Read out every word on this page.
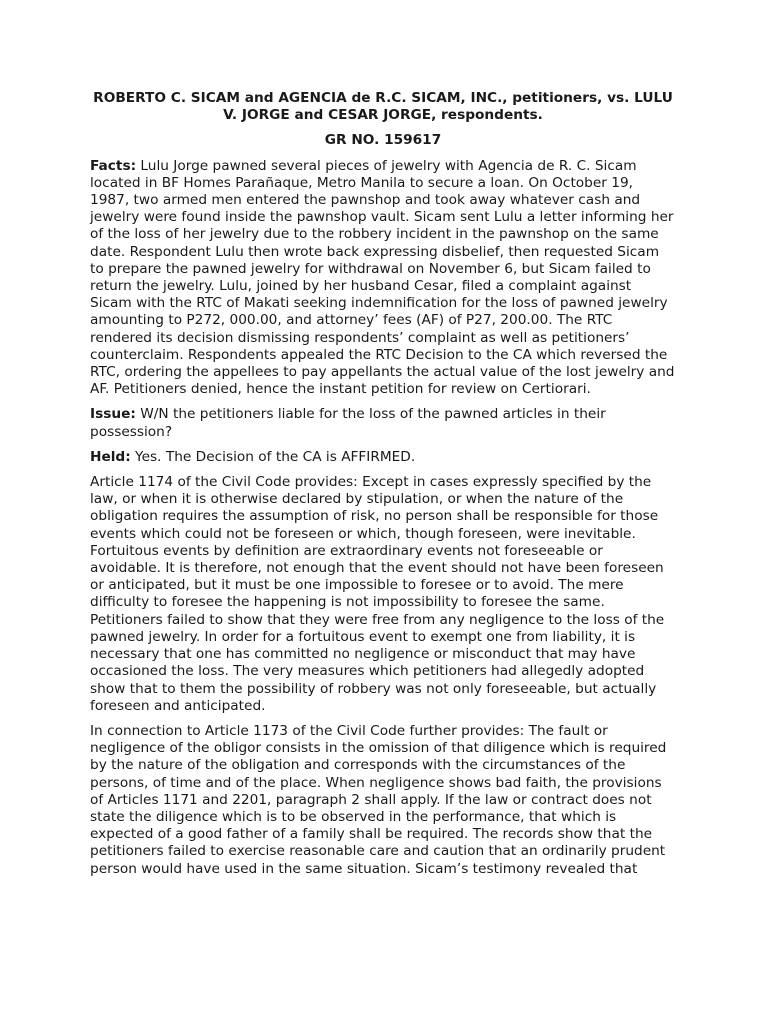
ROBERTO C. SICAM and AGENCIA de R.C. SICAM, INC., petitioners, vs. LULU V. JORGE and CESAR JORGE, respondents.

GR NO. 159617

Facts: Lulu Jorge pawned several pieces of jewelry with Agencia de R. C. Sicam located in BF Homes Parañaque, Metro Manila to secure a loan. On October 19, 1987, two armed men entered the pawnshop and took away whatever cash and jewelry were found inside the pawnshop vault. Sicam sent Lulu a letter informing her of the loss of her jewelry due to the robbery incident in the pawnshop on the same date. Respondent Lulu then wrote back expressing disbelief, then requested Sicam to prepare the pawned jewelry for withdrawal on November 6, but Sicam failed to return the jewelry. Lulu, joined by her husband Cesar, filed a complaint against Sicam with the RTC of Makati seeking indemnification for the loss of pawned jewelry amounting to P272, 000.00, and attorney’ fees (AF) of P27, 200.00. The RTC rendered its decision dismissing respondents’ complaint as well as petitioners’ counterclaim. Respondents appealed the RTC Decision to the CA which reversed the RTC, ordering the appellees to pay appellants the actual value of the lost jewelry and AF. Petitioners denied, hence the instant petition for review on Certiorari.

Issue: W/N the petitioners liable for the loss of the pawned articles in their possession?

Held: Yes. The Decision of the CA is AFFIRMED.

Article 1174 of the Civil Code provides: Except in cases expressly specified by the law, or when it is otherwise declared by stipulation, or when the nature of the obligation requires the assumption of risk, no person shall be responsible for those events which could not be foreseen or which, though foreseen, were inevitable. Fortuitous events by definition are extraordinary events not foreseeable or avoidable. It is therefore, not enough that the event should not have been foreseen or anticipated, but it must be one impossible to foresee or to avoid. The mere difficulty to foresee the happening is not impossibility to foresee the same. Petitioners failed to show that they were free from any negligence to the loss of the pawned jewelry. In order for a fortuitous event to exempt one from liability, it is necessary that one has committed no negligence or misconduct that may have occasioned the loss. The very measures which petitioners had allegedly adopted show that to them the possibility of robbery was not only foreseeable, but actually foreseen and anticipated.

In connection to Article 1173 of the Civil Code further provides: The fault or negligence of the obligor consists in the omission of that diligence which is required by the nature of the obligation and corresponds with the circumstances of the persons, of time and of the place. When negligence shows bad faith, the provisions of Articles 1171 and 2201, paragraph 2 shall apply. If the law or contract does not state the diligence which is to be observed in the performance, that which is expected of a good father of a family shall be required. The records show that the petitioners failed to exercise reasonable care and caution that an ordinarily prudent person would have used in the same situation. Sicam’s testimony revealed that
